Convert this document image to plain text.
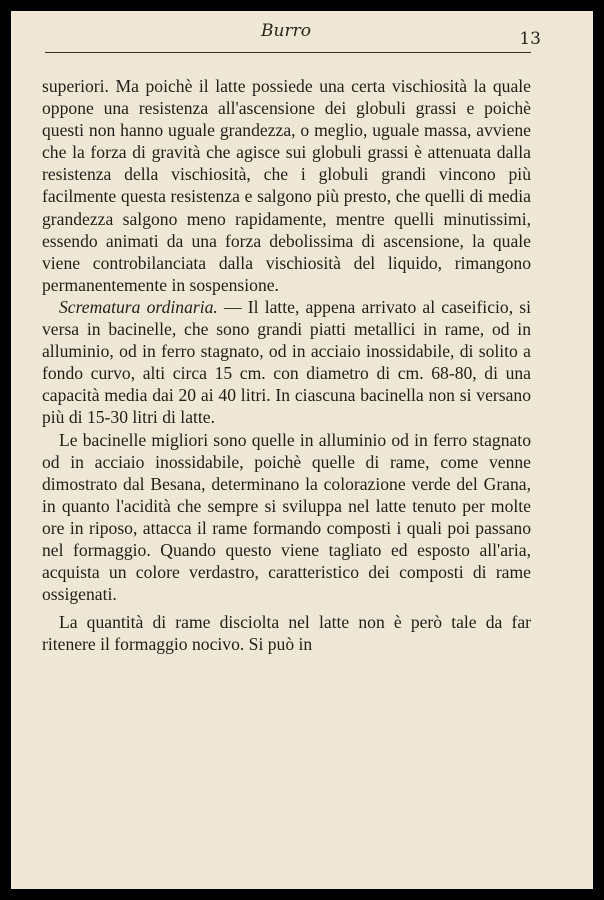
Burro	13

superiori. Ma poichè il latte possiede una certa vischiosità la quale oppone una resistenza all'ascensione dei globuli grassi e poichè questi non hanno uguale grandezza, o meglio, uguale massa, avviene che la forza di gravità che agisce sui globuli grassi è attenuata dalla resistenza della vischiosità, che i globuli grandi vincono più facilmente questa resistenza e salgono più presto, che quelli di media grandezza salgono meno rapidamente, mentre quelli minutissimi, essendo animati da una forza debolissima di ascensione, la quale viene controbilanciata dalla vischiosità del liquido, rimangono permanentemente in sospensione.

Scrematura ordinaria. — Il latte, appena arrivato al caseificio, si versa in bacinelle, che sono grandi piatti metallici in rame, od in alluminio, od in ferro stagnato, od in acciaio inossidabile, di solito a fondo curvo, alti circa 15 cm. con diametro di cm. 68-80, di una capacità media dai 20 ai 40 litri. In ciascuna bacinella non si versano più di 15-30 litri di latte.

Le bacinelle migliori sono quelle in alluminio od in ferro stagnato od in acciaio inossidabile, poichè quelle di rame, come venne dimostrato dal Besana, determinano la colorazione verde del Grana, in quanto l'acidità che sempre si sviluppa nel latte tenuto per molte ore in riposo, attacca il rame formando composti i quali poi passano nel formaggio. Quando questo viene tagliato ed esposto all'aria, acquista un colore verdastro, caratteristico dei composti di rame ossigenati.

La quantità di rame disciolta nel latte non è però tale da far ritenere il formaggio nocivo. Si può in
